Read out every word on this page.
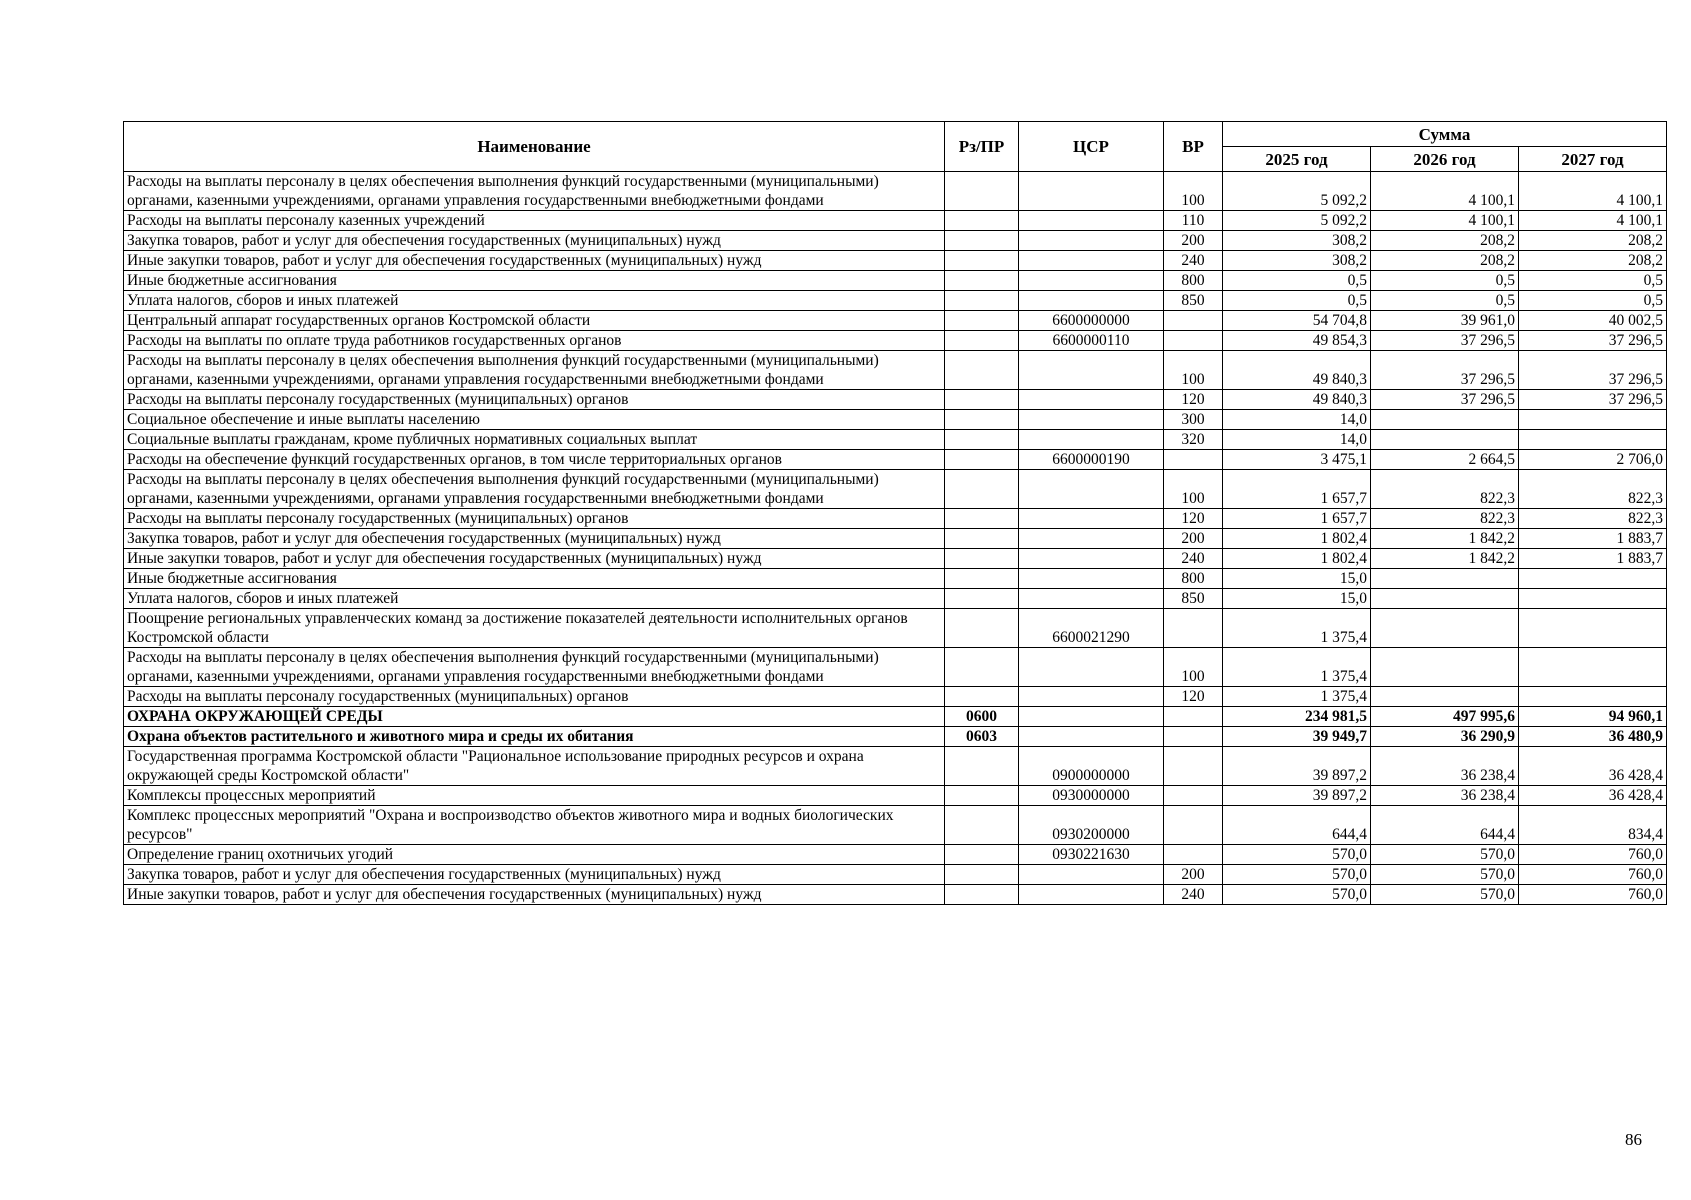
Наименование	Рз/ПР	ЦСР	ВР	Сумма		
				2025 год	2026 год	2027 год
Расходы на выплаты персоналу в целях обеспечения выполнения функций государственными (муниципальными) органами, казенными учреждениями, органами управления государственными внебюджетными фондами			100	5 092,2	4 100,1	4 100,1
Расходы на выплаты персоналу казенных учреждений			110	5 092,2	4 100,1	4 100,1
Закупка товаров, работ и услуг для обеспечения государственных (муниципальных) нужд			200	308,2	208,2	208,2
Иные закупки товаров, работ и услуг для обеспечения государственных (муниципальных) нужд			240	308,2	208,2	208,2
Иные бюджетные ассигнования			800	0,5	0,5	0,5
Уплата налогов, сборов и иных платежей			850	0,5	0,5	0,5
Центральный аппарат государственных органов Костромской области		6600000000		54 704,8	39 961,0	40 002,5
Расходы на выплаты по оплате труда работников государственных органов		6600000110		49 854,3	37 296,5	37 296,5
Расходы на выплаты персоналу в целях обеспечения выполнения функций государственными (муниципальными) органами, казенными учреждениями, органами управления государственными внебюджетными фондами			100	49 840,3	37 296,5	37 296,5
Расходы на выплаты персоналу государственных (муниципальных) органов			120	49 840,3	37 296,5	37 296,5
Социальное обеспечение и иные выплаты населению			300	14,0		
Социальные выплаты гражданам, кроме публичных нормативных социальных выплат			320	14,0		
Расходы на обеспечение функций государственных органов, в том числе территориальных органов		6600000190		3 475,1	2 664,5	2 706,0
Расходы на выплаты персоналу в целях обеспечения выполнения функций государственными (муниципальными) органами, казенными учреждениями, органами управления государственными внебюджетными фондами			100	1 657,7	822,3	822,3
Расходы на выплаты персоналу государственных (муниципальных) органов			120	1 657,7	822,3	822,3
Закупка товаров, работ и услуг для обеспечения государственных (муниципальных) нужд			200	1 802,4	1 842,2	1 883,7
Иные закупки товаров, работ и услуг для обеспечения государственных (муниципальных) нужд			240	1 802,4	1 842,2	1 883,7
Иные бюджетные ассигнования			800	15,0		
Уплата налогов, сборов и иных платежей			850	15,0		
Поощрение региональных управленческих команд за достижение показателей деятельности исполнительных органов Костромской области		6600021290		1 375,4		
Расходы на выплаты персоналу в целях обеспечения выполнения функций государственными (муниципальными) органами, казенными учреждениями, органами управления государственными внебюджетными фондами			100	1 375,4		
Расходы на выплаты персоналу государственных (муниципальных) органов			120	1 375,4		
ОХРАНА ОКРУЖАЮЩЕЙ СРЕДЫ	0600			234 981,5	497 995,6	94 960,1
Охрана объектов растительного и животного мира и среды их обитания	0603			39 949,7	36 290,9	36 480,9
Государственная программа Костромской области "Рациональное использование природных ресурсов и охрана окружающей среды Костромской области"		0900000000		39 897,2	36 238,4	36 428,4
Комплексы процессных мероприятий		0930000000		39 897,2	36 238,4	36 428,4
Комплекс процессных мероприятий "Охрана и воспроизводство объектов животного мира и водных биологических ресурсов"		0930200000		644,4	644,4	834,4
Определение границ охотничьих угодий		0930221630		570,0	570,0	760,0
Закупка товаров, работ и услуг для обеспечения государственных (муниципальных) нужд			200	570,0	570,0	760,0
Иные закупки товаров, работ и услуг для обеспечения государственных (муниципальных) нужд			240	570,0	570,0	760,0
86
